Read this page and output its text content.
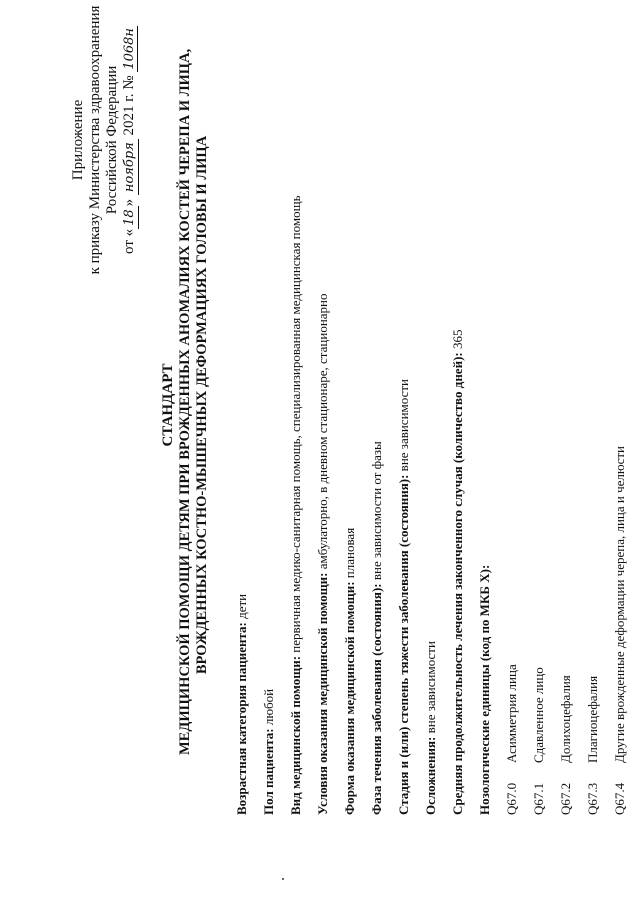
Приложение к приказу Министерства здравоохранения Российской Федерации
от «18» ноября 2021 г. № 1068н
СТАНДАРТ МЕДИЦИНСКОЙ ПОМОЩИ ДЕТЯМ ПРИ ВРОЖДЕННЫХ АНОМАЛИЯХ КОСТЕЙ ЧЕРЕПА И ЛИЦА, ВРОЖДЕННЫХ КОСТНО-МЫШЕЧНЫХ ДЕФОРМАЦИЯХ ГОЛОВЫ И ЛИЦА
Возрастная категория пациента: дети
Пол пациента: любой Вид медицинской помощи: первичная медико-санитарная помощь, специализированная медицинская помощь
Условия оказания медицинской помощи: амбулаторно, в дневном стационаре, стационарно
Форма оказания медицинской помощи: плановая
Фаза течения заболевания (состояния): вне зависимости от фазы Стадия и (или) степень тяжести заболевания (состояния): вне зависимости
Осложнения: вне зависимости Средняя продолжительность лечения законченного случая (количество дней): 365
Нозологические единицы (код по МКБ X): Q67.0
Асимметрия лица
Q67.1
Сдавленное лицо
Q67.2
Долихоцефалия
Q67.3
Плагиоцефалия
Q67.4
Другие врожденные деформации черепа, лица и челюсти
